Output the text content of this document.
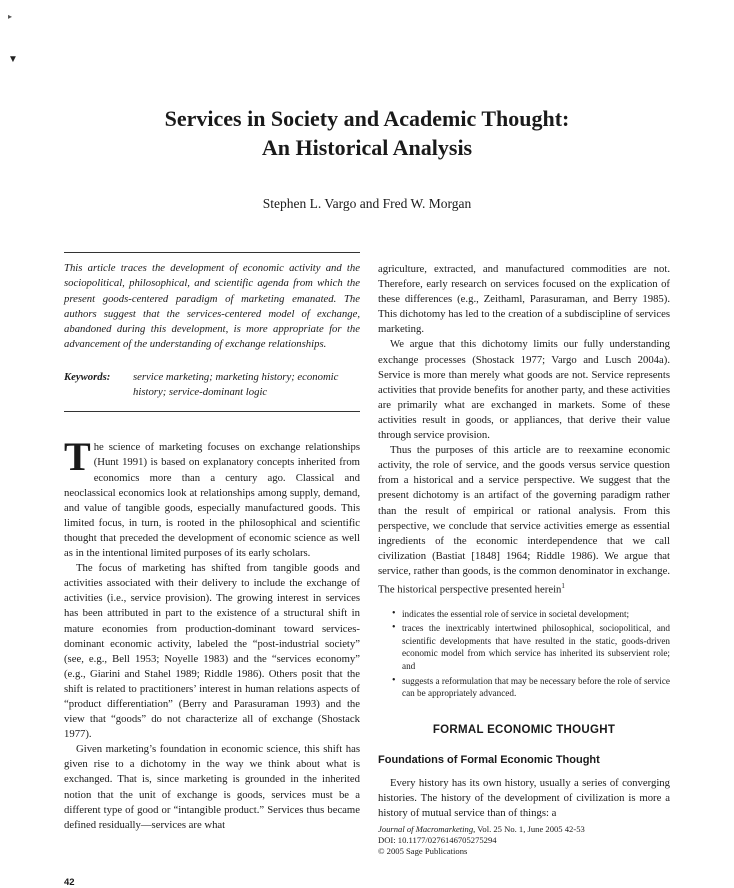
▸
▼
Services in Society and Academic Thought:
An Historical Analysis
Stephen L. Vargo and Fred W. Morgan

This article traces the development of economic activity and the sociopolitical, philosophical, and scientific agenda from which the present goods-centered paradigm of marketing emanated. The authors suggest that the services-centered model of exchange, abandoned during this development, is more appropriate for the advancement of the understanding of exchange relationships.

Keywords:	service marketing; marketing history; economic history; service-dominant logic

The science of marketing focuses on exchange relationships (Hunt 1991) is based on explanatory concepts inherited from economics more than a century ago. Classical and neoclassical economics look at relationships among supply, demand, and value of tangible goods, especially manufactured goods. This limited focus, in turn, is rooted in the philosophical and scientific thought that preceded the development of economic science as well as in the intentional limited purposes of its early scholars.

The focus of marketing has shifted from tangible goods and activities associated with their delivery to include the exchange of activities (i.e., service provision). The growing interest in services has been attributed in part to the existence of a structural shift in mature economies from production-dominant toward services-dominant economic activity, labeled the “post-industrial society” (see, e.g., Bell 1953; Noyelle 1983) and the “services economy” (e.g., Giarini and Stahel 1989; Riddle 1986). Others posit that the shift is related to practitioners’ interest in human relations aspects of “product differentiation” (Berry and Parasuraman 1993) and the view that “goods” do not characterize all of exchange (Shostack 1977).

Given marketing’s foundation in economic science, this shift has given rise to a dichotomy in the way we think about what is exchanged. That is, since marketing is grounded in the inherited notion that the unit of exchange is goods, services must be a different type of good or “intangible product.” Services thus became defined residually—services are what

agriculture, extracted, and manufactured commodities are not. Therefore, early research on services focused on the explication of these differences (e.g., Zeithaml, Parasuraman, and Berry 1985). This dichotomy has led to the creation of a subdiscipline of services marketing.

We argue that this dichotomy limits our fully understanding exchange processes (Shostack 1977; Vargo and Lusch 2004a). Service is more than merely what goods are not. Service represents activities that provide benefits for another party, and these activities are primarily what are exchanged in markets. Some of these activities result in goods, or appliances, that derive their value through service provision.

Thus the purposes of this article are to reexamine economic activity, the role of service, and the goods versus service question from a historical and a service perspective. We suggest that the present dichotomy is an artifact of the governing paradigm rather than the result of empirical or rational analysis. From this perspective, we conclude that service activities emerge as essential ingredients of the economic interdependence that we call civilization (Bastiat [1848] 1964; Riddle 1986). We argue that service, rather than goods, is the common denominator in exchange. The historical perspective presented herein$^1$

• indicates the essential role of service in societal development;
• traces the inextricably intertwined philosophical, sociopolitical, and scientific developments that have resulted in the static, goods-driven economic model from which service has inherited its subservient role; and
• suggests a reformulation that may be necessary before the role of service can be appropriately advanced.
FORMAL ECONOMIC THOUGHT
Foundations of Formal Economic Thought

Every history has its own history, usually a series of converging histories. The history of the development of civilization is more a history of mutual service than of things: a

Journal of Macromarketing, Vol. 25 No. 1, June 2005 42-53
DOI: 10.1177/0276146705275294
© 2005 Sage Publications
42
